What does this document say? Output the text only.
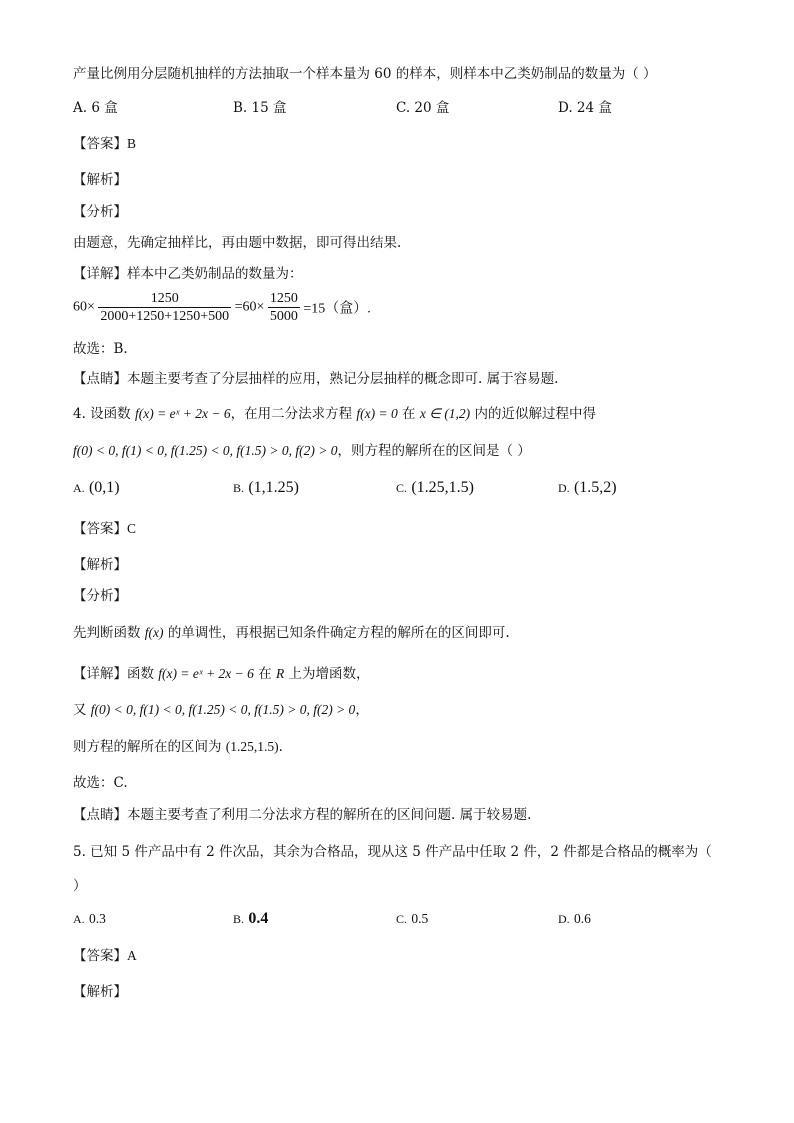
产量比例用分层随机抽样的方法抽取一个样本量为 60 的样本，则样本中乙类奶制品的数量为（ ）
A. 6 盒	B. 15 盒	C. 20 盒	D. 24 盒
【答案】B
【解析】
【分析】
由题意，先确定抽样比，再由题中数据，即可得出结果.
【详解】样本中乙类奶制品的数量为：
$60\times \frac{1250}{2000+1250+1250+500} =60\times \frac{1250}{5000} =15$（盒）.
故选：B.
【点睛】本题主要考查了分层抽样的应用，熟记分层抽样的概念即可. 属于容易题.
4. 设函数 f(x) = eˣ + 2x − 6，在用二分法求方程 f(x) = 0 在 x ∈ (1,2) 内的近似解过程中得
f(0) < 0, f(1) < 0, f(1.25) < 0, f(1.5) > 0, f(2) > 0，则方程的解所在的区间是（ ）
A. (0,1)	B. (1,1.25)	C. (1.25,1.5)	D. (1.5,2)
【答案】C
【解析】
【分析】
先判断函数 f(x) 的单调性，再根据已知条件确定方程的解所在的区间即可.
【详解】函数 f(x) = eˣ + 2x − 6 在 R 上为增函数，
又 f(0) < 0, f(1) < 0, f(1.25) < 0, f(1.5) > 0, f(2) > 0，
则方程的解所在的区间为 (1.25,1.5).
故选：C.
【点睛】本题主要考查了利用二分法求方程的解所在的区间问题. 属于较易题.
5. 已知 5 件产品中有 2 件次品，其余为合格品，现从这 5 件产品中任取 2 件，2 件都是合格品的概率为（
）
A. 0.3	B. 0.4	C. 0.5	D. 0.6
【答案】A
【解析】
